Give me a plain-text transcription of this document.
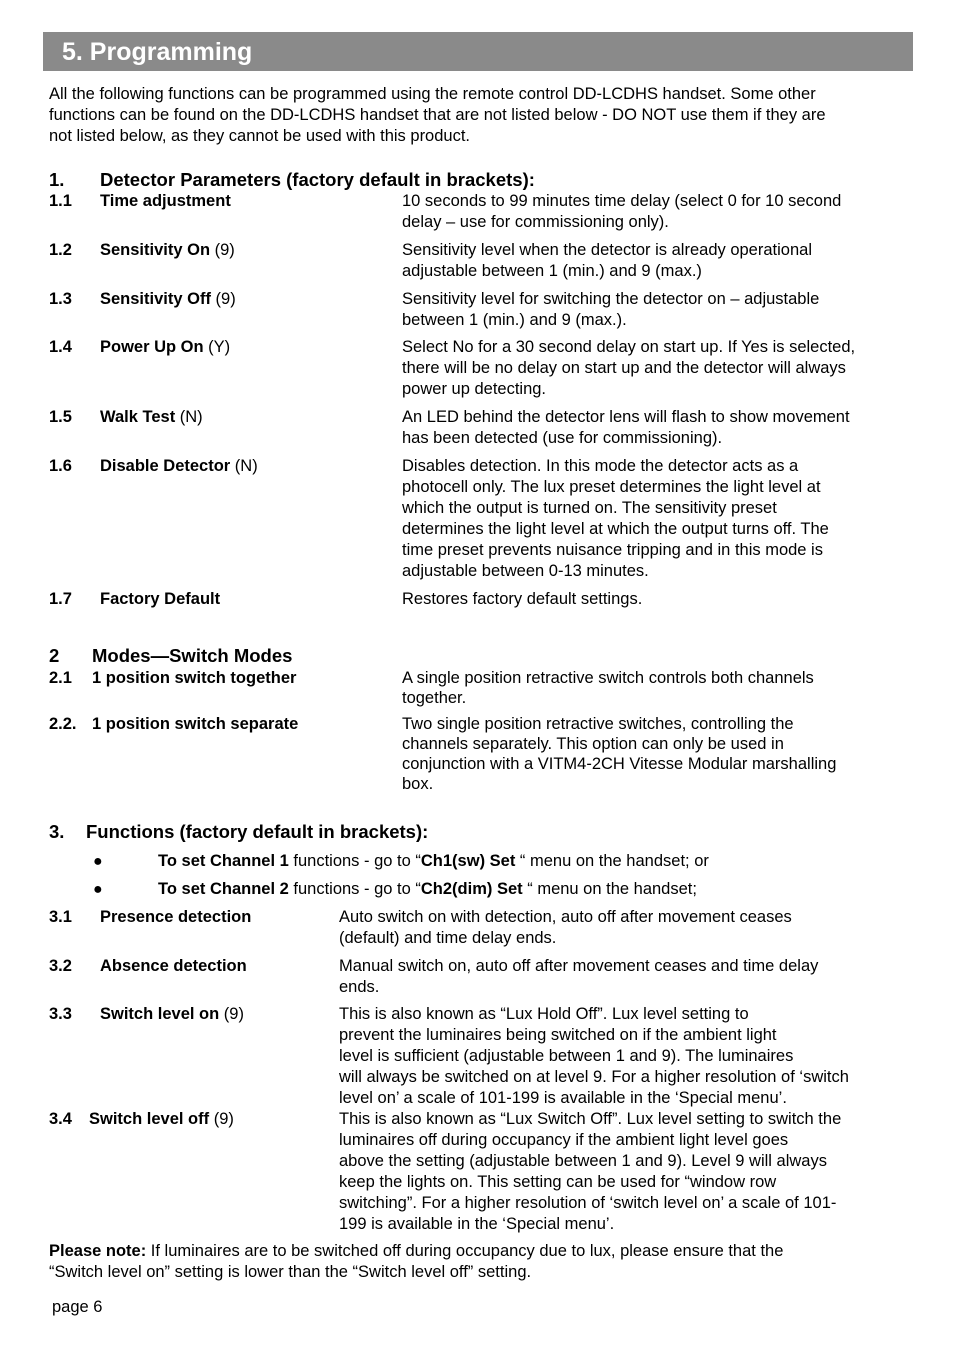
5. Programming
All the following functions can be programmed using the remote control DD-LCDHS handset. Some other
functions can be found on the DD-LCDHS handset that are not listed below - DO NOT use them if they are
not listed below, as they cannot be used with this product.
1. Detector Parameters (factory default in brackets):
1.1 Time adjustment	10 seconds to 99 minutes time delay (select 0 for 10 second
delay – use for commissioning only).
1.2 Sensitivity On (9)	Sensitivity level when the detector is already operational
adjustable between 1 (min.) and 9 (max.)
1.3 Sensitivity Off (9)	Sensitivity level for switching the detector on – adjustable
between 1 (min.) and 9 (max.).
1.4 Power Up On (Y)	Select No for a 30 second delay on start up. If Yes is selected,
there will be no delay on start up and the detector will always
power up detecting.
1.5 Walk Test (N)	An LED behind the detector lens will flash to show movement
has been detected (use for commissioning).
1.6 Disable Detector (N)	Disables detection. In this mode the detector acts as a
photocell only. The lux preset determines the light level at
which the output is turned on. The sensitivity preset
determines the light level at which the output turns off. The
time preset prevents nuisance tripping and in this mode is
adjustable between 0-13 minutes.
1.7 Factory Default	Restores factory default settings.
2 Modes—Switch Modes
2.1 1 position switch together	A single position retractive switch controls both channels
together.
2.2. 1 position switch separate	Two single position retractive switches, controlling the
channels separately. This option can only be used in
conjunction with a VITM4-2CH Vitesse Modular marshalling
box.
3. Functions (factory default in brackets):
●	To set Channel 1 functions - go to “Ch1(sw) Set “ menu on the handset; or
●	To set Channel 2 functions - go to “Ch2(dim) Set “ menu on the handset;
3.1 Presence detection	Auto switch on with detection, auto off after movement ceases
(default) and time delay ends.
3.2 Absence detection	Manual switch on, auto off after movement ceases and time delay
ends.
3.3 Switch level on (9)	This is also known as “Lux Hold Off”. Lux level setting to
prevent the luminaires being switched on if the ambient light
level is sufficient (adjustable between 1 and 9). The luminaires
will always be switched on at level 9. For a higher resolution of ‘switch
level on’ a scale of 101-199 is available in the ‘Special menu’.
3.4 Switch level off (9)	This is also known as “Lux Switch Off”. Lux level setting to switch the
luminaires off during occupancy if the ambient light level goes
above the setting (adjustable between 1 and 9). Level 9 will always
keep the lights on. This setting can be used for “window row
switching”. For a higher resolution of ‘switch level on’ a scale of 101-
199 is available in the ‘Special menu’.
Please note: If luminaires are to be switched off during occupancy due to lux, please ensure that the
“Switch level on” setting is lower than the “Switch level off” setting.
page 6
